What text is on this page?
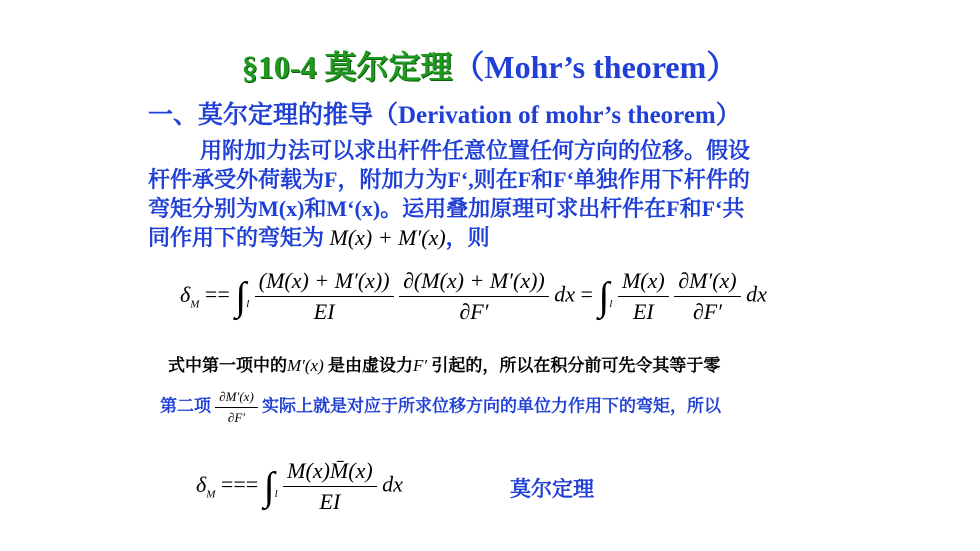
§10-4 莫尔定理（Mohr’s theorem）
一、莫尔定理的推导（Derivation of mohr’s theorem）
用附加力法可以求出杆件任意位置任何方向的位移。假设
杆件承受外荷载为F，附加力为F‘,则在F和F‘单独作用下杆件的
弯矩分别为M(x)和M‘(x)。运用叠加原理可求出杆件在F和F‘共
同作用下的弯矩为 M(x) + M′(x)，则
$\delta_M == \int_l \frac{(M(x) + M'(x))}{EI}$
$\frac{\partial(M(x) + M'(x))}{\partial F'}$ dx = $\int_l \frac{M(x)}{EI}$
$\frac{\partial M'(x)}{\partial F'}$ dx
式中第一项中的M′(x) 是由虚设力F′ 引起的，所以在积分前可先令其等于零
第二项 $\frac{\partial M'(x)}{\partial F'}$ 实际上就是对应于所求位移方向的单位力作用下的弯矩，所以
$\delta_M$ === $\int_l \frac{M(x)M̄(x)}{EI}$ dx	莫尔定理
